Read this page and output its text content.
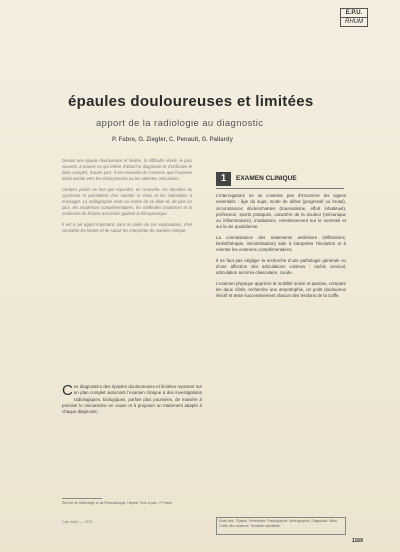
E.P.U.
RHUM
épaules douloureuses et limitées
apport de la radiologie au diagnostic
P. Fabre, O. Ziegler, C. Penault, G. Pallardy

Devant une épaule douloureuse et limitée, la difficulté réside, le plus souvent, à trouver ce qui relève d’abord le diagnostic et d’ordinaire le bilan complet, d’autre part. Il est essentiel de s’assurer que l’examen initial oriente vers les ténosynovites ou les atteintes articulaires.

Certains points ne font que répondre, en revanche, les données du syndrome et permettent d’en orienter le choix et les indications à envisager. La radiographie reste au centre de ce bilan et, de plus en plus, les incidences complémentaires, les méthodes modernes et la recherche de lésions associées guident la thérapeutique.

Il est à cet égard important, dans le cadre de ces explorations, d’en connaître les limites et de savoir les interpréter de manière critique.

1	EXAMEN CLINIQUE

L’interrogatoire ne se contente pas d’énumérer les signes essentiels : âge du sujet, mode de début (progressif ou brutal), circonstances déclenchantes (traumatisme, effort inhabituel), profession, sports pratiqués, caractère de la douleur (mécanique ou inflammatoire), irradiations, retentissement sur le sommeil et sur la vie quotidienne.

La connaissance des traitements antérieurs (infiltrations, kinésithérapie, immobilisation) aide à interpréter l’évolution et à orienter les examens complémentaires.

Il ne faut pas négliger la recherche d’une pathologie générale ou d’une affection des articulations voisines : rachis cervical, articulation acromio-claviculaire, coude.

L’examen physique apprécie la mobilité active et passive, compare les deux côtés, recherche une amyotrophie, un point douloureux électif et teste successivement chacun des tendons de la coiffe.

C es diagnostics des épaules douloureuses et limitées reposent sur un plan complet associant l’examen clinique à des investigations radiologiques, biologiques, parfois plus poussées, de manière à préciser le mécanisme en cause et à proposer un traitement adapté à chaque diagnostic.
Service de Radiologie et de Rhumatologie, Hôpital. Tirés à part : P. Fabre.
Cah. Méd. — 1975	Mots-clés : Épaule. Périarthrite. Radiographie. Arthrographie. Diagnostic. Bilan. Coiffe des rotateurs. Tendinite calcifiante.
1169
